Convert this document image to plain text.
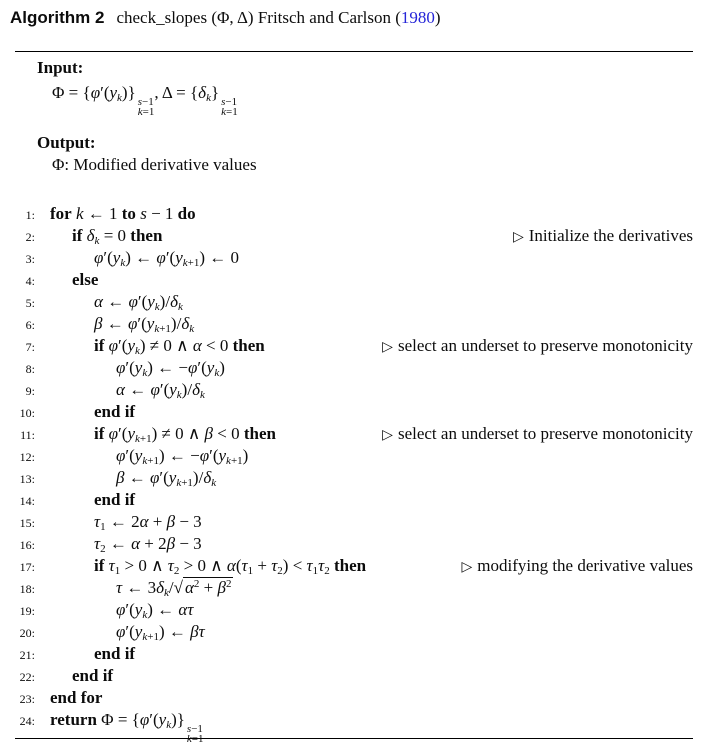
Algorithm 2 check_slopes (Φ, Δ) Fritsch and Carlson (1980)
Input:
$\Phi = \{\varphi'(y_k)\}$ s−1
k=1
, $\Delta = \{\delta_k\}$ s−1
k=1
Output:
Φ: Modified derivative values
1: for k ← 1 to s − 1 do
2: if $\delta_k = 0$ then	▷ Initialize the derivatives
3:	$\varphi'(y_k)$ ← $\varphi'(y_{k+1})$ ← 0
4: else
5:	α ← $\varphi'(y_k)/\delta_k$
6:	β ← $\varphi'(y_{k+1})/\delta_k$
7:	if $\varphi'(y_k) \ne 0$ ∧ α < 0 then	▷ select an underset to preserve monotonicity
8:	$\varphi'(y_k)$ ← $-\varphi'(y_k)$
9:	α ← $\varphi'(y_k)/\delta_k$
10:	end if
11:	if $\varphi'(y_{k+1}) \ne 0$ ∧ β < 0 then	▷ select an underset to preserve monotonicity
12:	$\varphi'(y_{k+1})$ ← $-\varphi'(y_{k+1})$
13:	β ← $\varphi'(y_{k+1})/\delta_k$
14:	end if
15:	$\tau_1$ ← 2α + β − 3
16:	$\tau_2$ ← α + 2β − 3
17:	if $\tau_1 > 0$ ∧ $\tau_2 > 0$ ∧ $\alpha(\tau_1 + \tau_2) < \tau_1\tau_2$ then	▷ modifying the derivative values
18:	τ ← $3\delta_k/√$ $\alpha^2 + \beta^2$
19:	$\varphi'(y_k)$ ← ατ
20:	$\varphi'(y_{k+1})$ ← βτ
21:	end if
22: end if
23: end for
24: return $\Phi = \{\varphi'(y_k)\}$ s−1
k=1
